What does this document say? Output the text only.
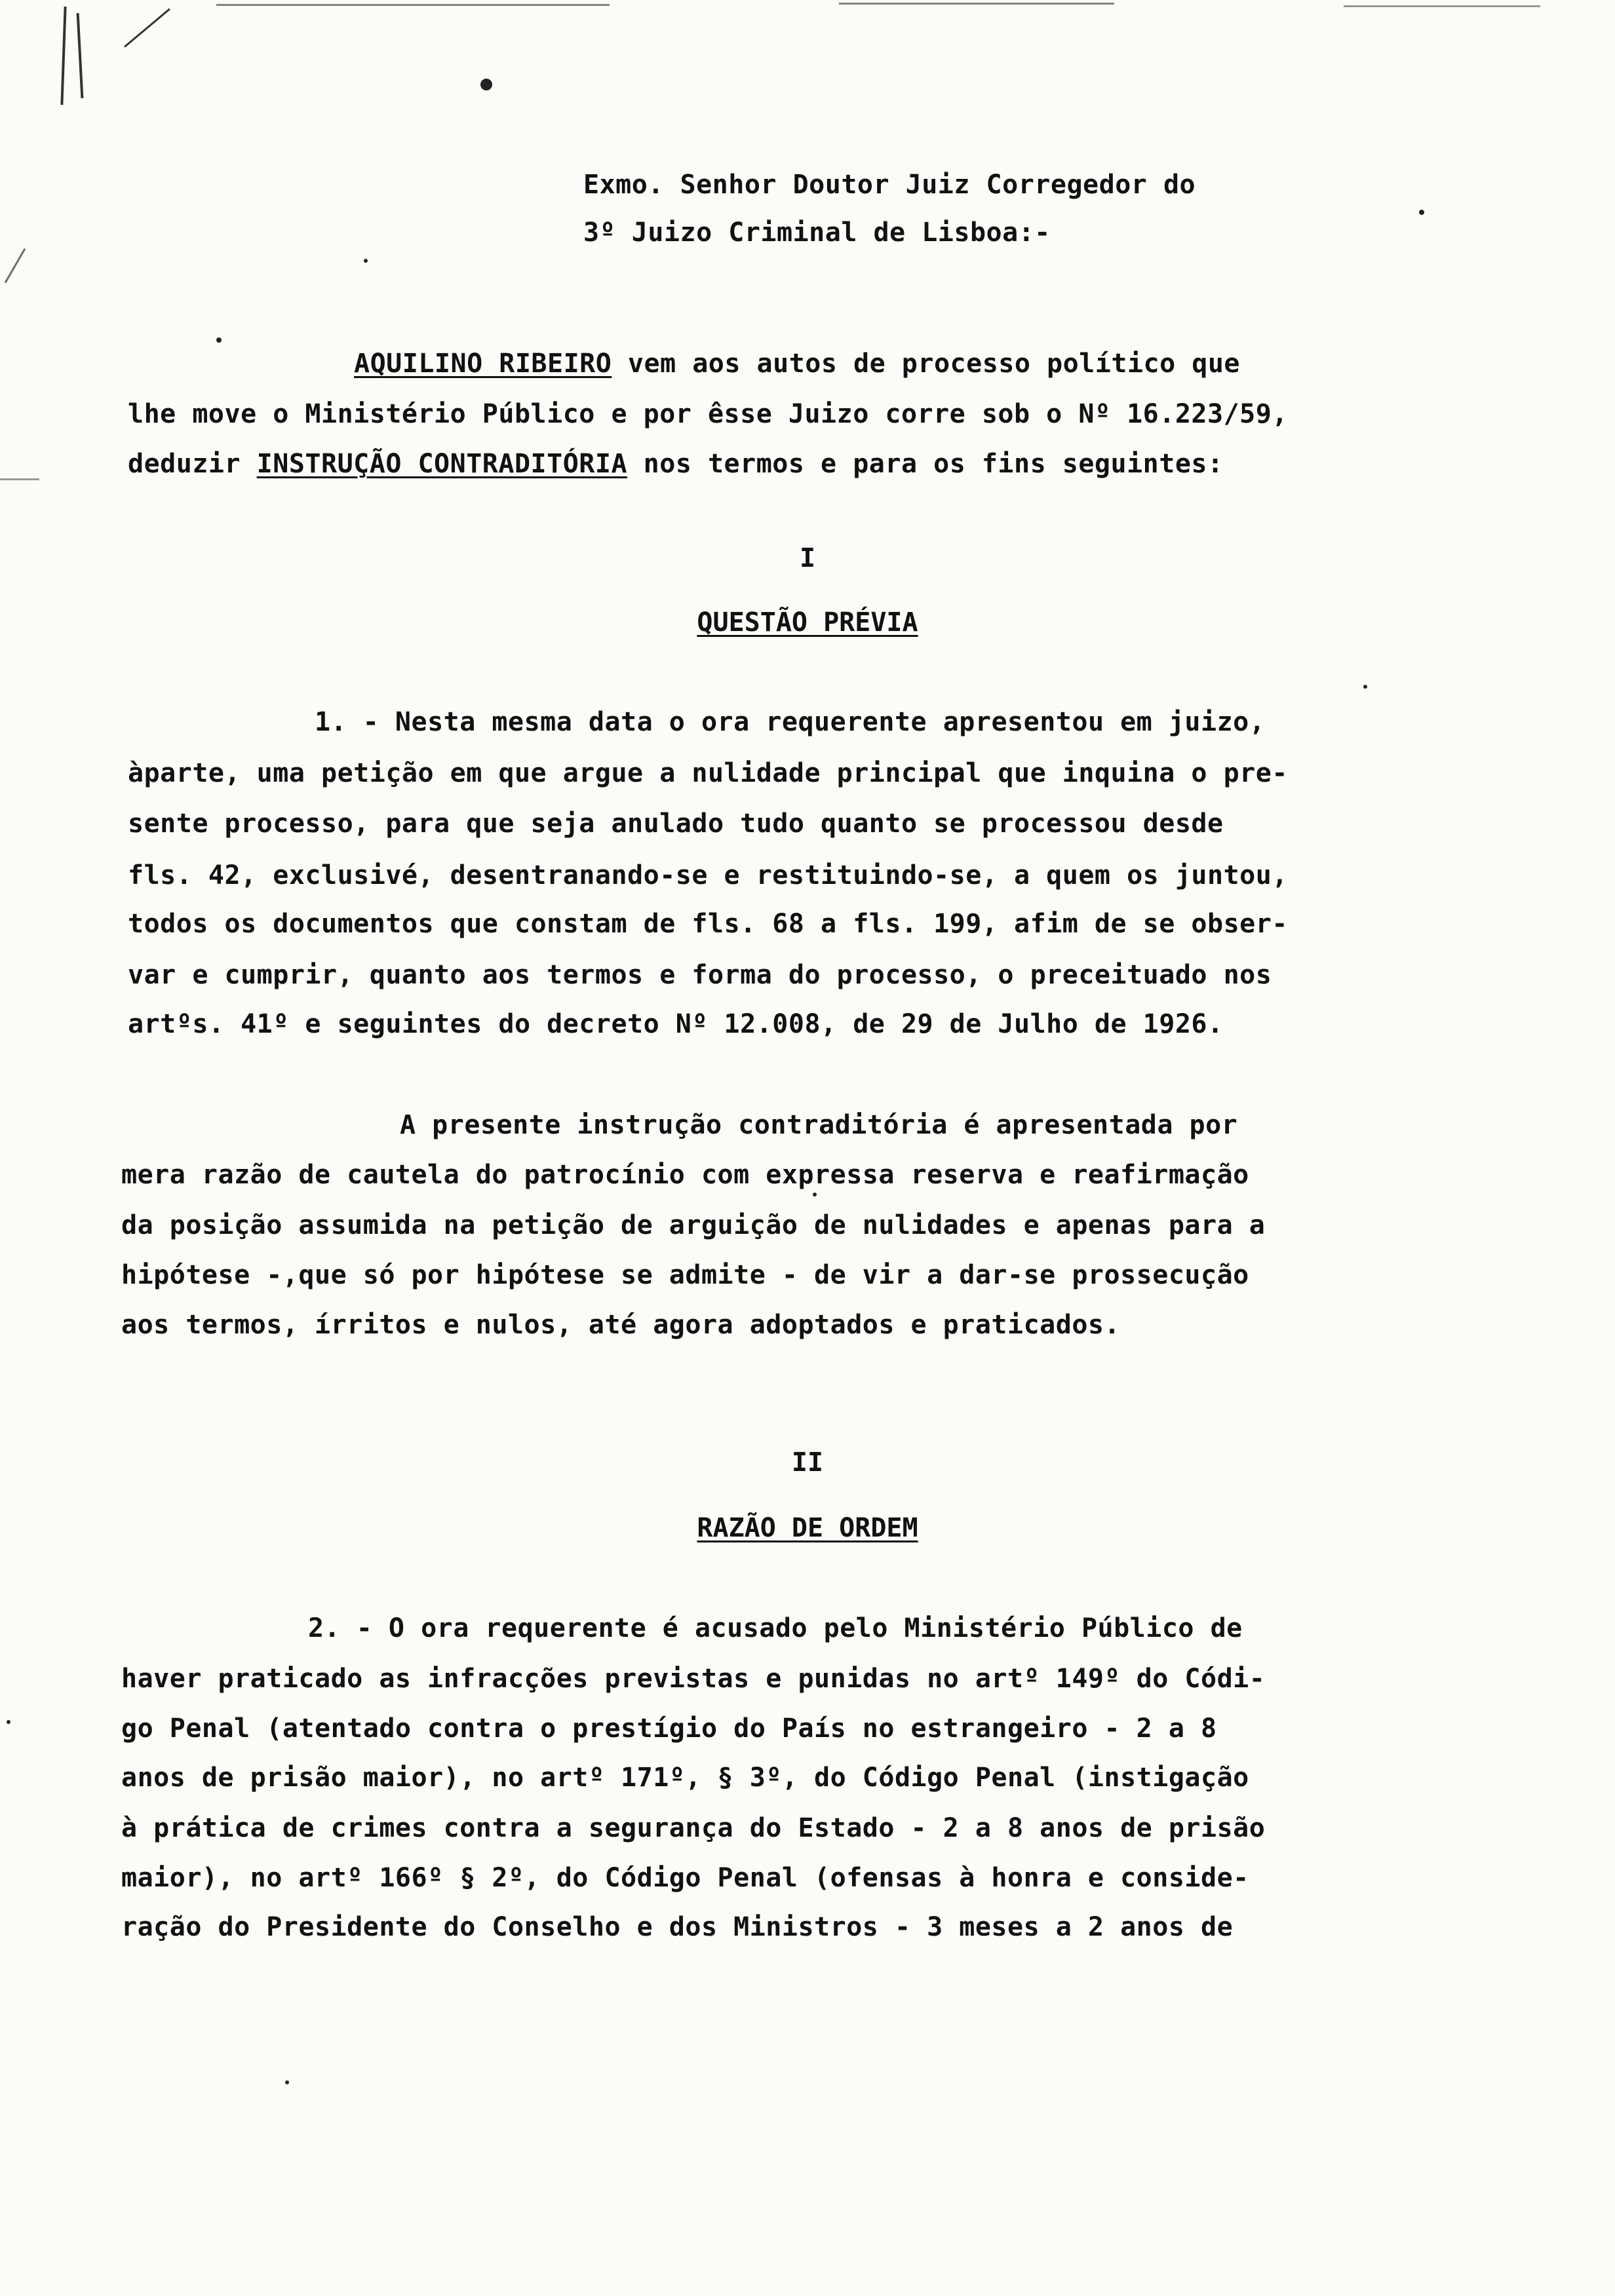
Exmo. Senhor Doutor Juiz Corregedor do
3º Juizo Criminal de Lisboa:-
AQUILINO RIBEIRO vem aos autos de processo político que
lhe move o Ministério Público e por êsse Juizo corre sob o Nº 16.223/59,
deduzir INSTRUÇÃO CONTRADITÓRIA nos termos e para os fins seguintes:
I
QUESTÃO PRÉVIA
1. - Nesta mesma data o ora requerente apresentou em juizo,
àparte, uma petição em que argue a nulidade principal que inquina o pre-
sente processo, para que seja anulado tudo quanto se processou desde
fls. 42, exclusivé, desentranando-se e restituindo-se, a quem os juntou,
todos os documentos que constam de fls. 68 a fls. 199, afim de se obser-
var e cumprir, quanto aos termos e forma do processo, o preceituado nos
artºs. 41º e seguintes do decreto Nº 12.008, de 29 de Julho de 1926.
A presente instrução contraditória é apresentada por
mera razão de cautela do patrocínio com expressa reserva e reafirmação
da posição assumida na petição de arguição de nulidades e apenas para a
hipótese -,que só por hipótese se admite - de vir a dar-se prossecução
aos termos, írritos e nulos, até agora adoptados e praticados.
II
RAZÃO DE ORDEM
2. - O ora requerente é acusado pelo Ministério Público de
haver praticado as infracções previstas e punidas no artº 149º do Códi-
go Penal (atentado contra o prestígio do País no estrangeiro - 2 a 8
anos de prisão maior), no artº 171º, § 3º, do Código Penal (instigação
à prática de crimes contra a segurança do Estado - 2 a 8 anos de prisão
maior), no artº 166º § 2º, do Código Penal (ofensas à honra e conside-
ração do Presidente do Conselho e dos Ministros - 3 meses a 2 anos de
